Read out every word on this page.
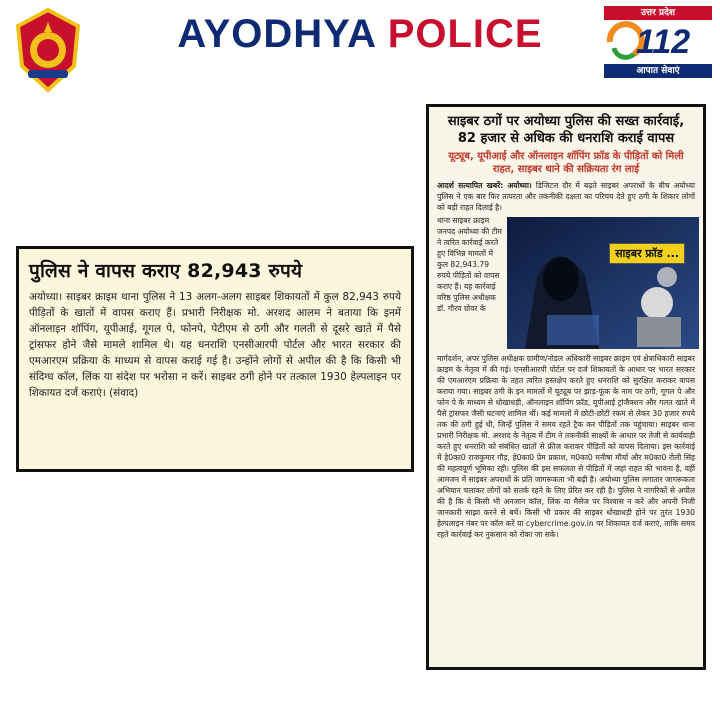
AYODHYA POLICE	उत्तर प्रदेश
112
आपात सेवाएं
पुलिस ने वापस कराए 82,943 रुपये
अयोध्या। साइबर क्राइम थाना पुलिस ने 13 अलग-अलग साइबर शिकायतों में कुल 82,943 रुपये पीड़ितों के खातों में वापस कराए हैं। प्रभारी निरीक्षक मो. अरशद आलम ने बताया कि इनमें ऑनलाइन शॉपिंग, यूपीआई, गूगल पे, फोनपे, पेटीएम से ठगी और गलती से दूसरे खाते में पैसे ट्रांसफर होने जैसे मामले शामिल थे। यह धनराशि एनसीआरपी पोर्टल और भारत सरकार की एमआरएम प्रक्रिया के माध्यम से वापस कराई गई है। उन्होंने लोगों से अपील की है कि किसी भी संदिग्ध कॉल, लिंक या संदेश पर भरोसा न करें। साइबर ठगी होने पर तत्काल 1930 हेल्पलाइन पर शिकायत दर्ज कराएं। (संवाद)
साइबर ठगों पर अयोध्या पुलिस की सख्त कार्रवाई, 82 हजार से अधिक की धनराशि कराई वापस
यूट्यूब, यूपीआई और ऑनलाइन शॉपिंग फ्रॉड के पीड़ितों को मिली राहत, साइबर थाने की सक्रियता रंग लाई
आदर्श सत्यापित खबरें: अयोध्या। डिजिटल दौर में बढ़ते साइबर अपराधों के बीच अयोध्या पुलिस ने एक बार फिर तत्परता और तकनीकी दक्षता का परिचय देते हुए ठगी के शिकार लोगों को बड़ी राहत दिलाई है।
थाना साइबर क्राइम जनपद अयोध्या की टीम ने त्वरित कार्रवाई करते हुए विभिन्न मामलों में कुल 82,943.79 रुपये पीड़ितों को वापस कराए हैं। यह कार्रवाई वरिष्ठ पुलिस अधीक्षक डॉ. गौरव ग्रोवर के
साइबर फ्रॉड ...
मार्गदर्शन, अपर पुलिस अधीक्षक ग्रामीण/नोडल अधिकारी साइबर क्राइम एवं क्षेत्राधिकारी साइबर क्राइम के नेतृत्व में की गई। एनसीआरपी पोर्टल पर दर्ज शिकायतों के आधार पर भारत सरकार की एमआरएम प्रक्रिया के तहत त्वरित हस्तक्षेप करते हुए धनराशि को सुरक्षित कराकर वापस कराया गया। साइबर ठगी के इन मामलों में यूट्यूब पर झाड़-फूंक के नाम पर ठगी, गूगल पे और फोन पे के माध्यम से धोखाधड़ी, ऑनलाइन शॉपिंग फ्रॉड, यूपीआई ट्रांजैक्शन और गलत खाते में पैसे ट्रांसफर जैसी घटनाएं शामिल थीं। कई मामलों में छोटी-छोटी रकम से लेकर 30 हजार रुपये तक की ठगी हुई थी, जिन्हें पुलिस ने समय रहते ट्रैक कर पीड़ितों तक पहुंचाया। साइबर थाना प्रभारी निरीक्षक मो. अरशद के नेतृत्व में टीम ने तकनीकी साक्ष्यों के आधार पर तेजी से कार्यवाही करते हुए धनराशि को संबंधित खातों से फ्रीज कराकर पीड़ितों को वापस दिलाया। इस कार्रवाई में हे0का0 राजकुमार गौड़, हे0का0 प्रेम प्रकाश, म0का0 मनीषा मौर्या और म0का0 रोली सिंह की महत्वपूर्ण भूमिका रही। पुलिस की इस सफलता से पीड़ितों में जहां राहत की भावना है, वहीं आमजन में साइबर अपराधों के प्रति जागरूकता भी बढ़ी है। अयोध्या पुलिस लगातार जागरूकता अभियान चलाकर लोगों को सतर्क रहने के लिए प्रेरित कर रही है। पुलिस ने नागरिकों से अपील की है कि वे किसी भी अनजान कॉल, लिंक या मैसेज पर विश्वास न करें और अपनी निजी जानकारी साझा करने से बचें। किसी भी प्रकार की साइबर धोखाधड़ी होने पर तुरंत 1930 हेल्पलाइन नंबर पर कॉल करें या cybercrime.gov.in पर शिकायत दर्ज कराएं, ताकि समय रहते कार्रवाई कर नुकसान को रोका जा सके।
